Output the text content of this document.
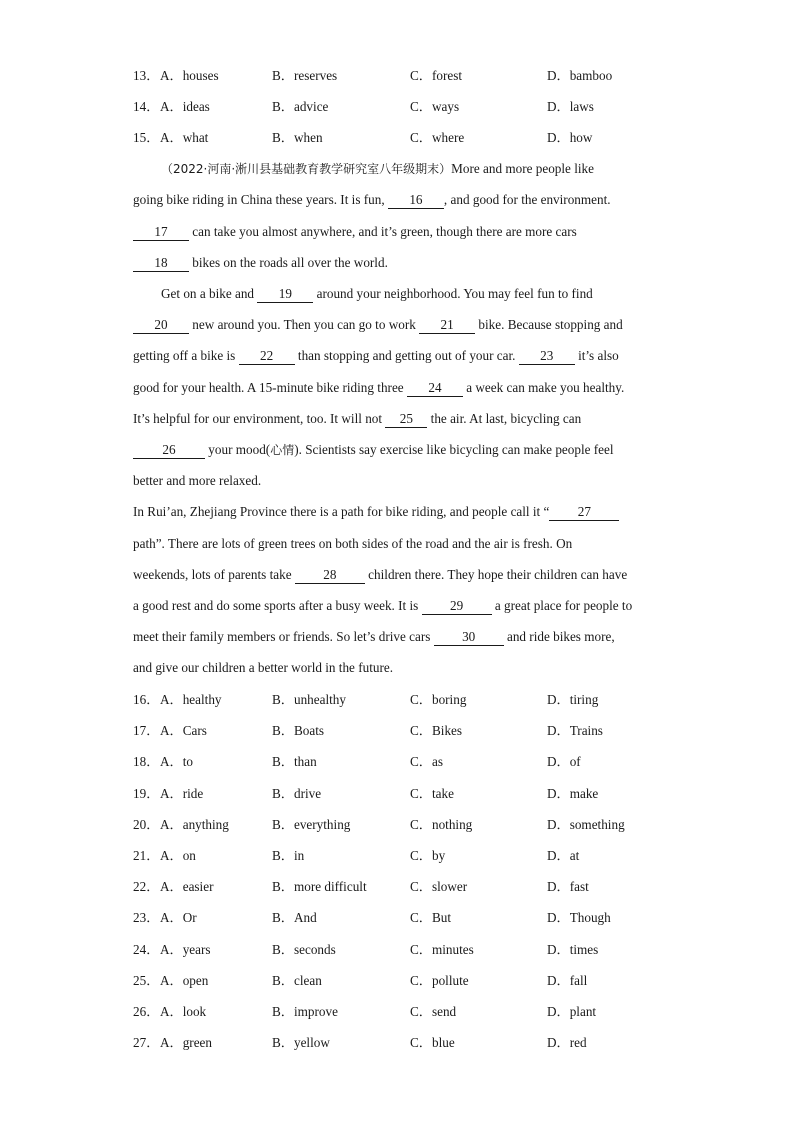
13． A．houses	B．reserves	C．forest	D．bamboo
14． A．ideas	B．advice	C．ways	D．laws
15． A．what	B．when	C．where	D．how
（2022·河南·淅川县基础教育教学研究室八年级期末）More and more people like
going bike riding in China these years. It is fun, 16 , and good for the environment.
17 can take you almost anywhere, and it’s green, though there are more cars
18 bikes on the roads all over the world.
Get on a bike and 19 around your neighborhood. You may feel fun to find
20 new around you. Then you can go to work 21 bike. Because stopping and
getting off a bike is 22 than stopping and getting out of your car. 23 it’s also
good for your health. A 15-minute bike riding three 24 a week can make you healthy.
It’s helpful for our environment, too. It will not 25 the air. At last, bicycling can
26 your mood(心情). Scientists say exercise like bicycling can make people feel
better and more relaxed.
In Rui’an, Zhejiang Province there is a path for bike riding, and people call it “ 27
path”. There are lots of green trees on both sides of the road and the air is fresh. On
weekends, lots of parents take 28 children there. They hope their children can have
a good rest and do some sports after a busy week. It is 29 a great place for people to
meet their family members or friends. So let’s drive cars 30 and ride bikes more,
and give our children a better world in the future.
16． A．healthy	B．unhealthy	C．boring	D．tiring
17． A．Cars	B．Boats	C．Bikes	D．Trains
18． A．to	B．than	C．as	D．of
19． A．ride	B．drive	C．take	D．make
20． A．anything	B．everything	C．nothing	D．something
21． A．on	B．in	C．by	D．at
22． A．easier	B．more difficult	C．slower	D．fast
23． A．Or	B．And	C．But	D．Though
24． A．years	B．seconds	C．minutes	D．times
25． A．open	B．clean	C．pollute	D．fall
26． A．look	B．improve	C．send	D．plant
27． A．green	B．yellow	C．blue	D．red
